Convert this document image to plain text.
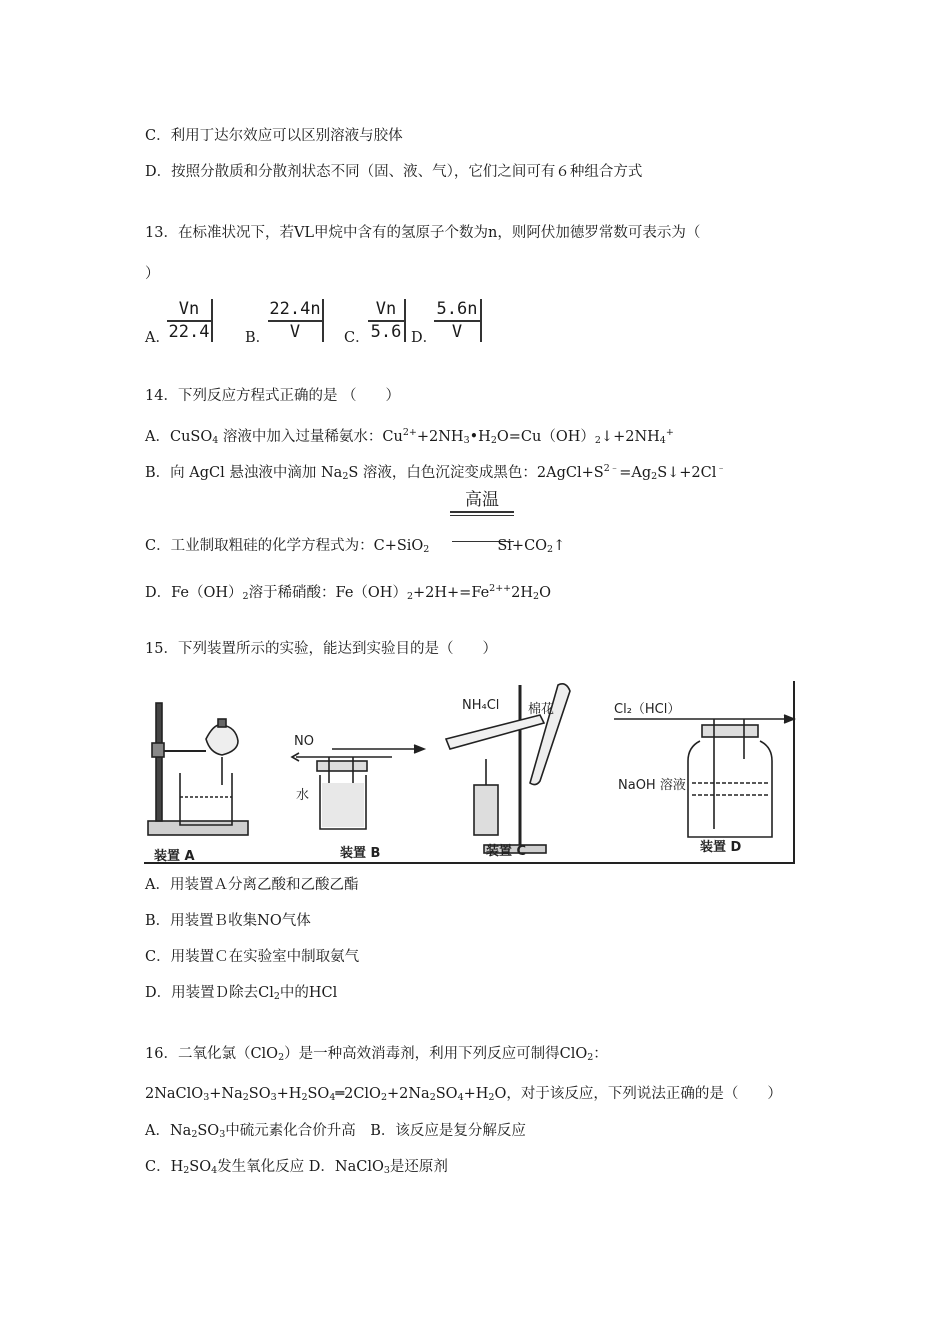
C．利用丁达尔效应可以区别溶液与胶体
D．按照分散质和分散剂状态不同（固、液、气），它们之间可有６种组合方式
13．在标准状况下，若VL甲烷中含有的氢原子个数为n，则阿伏加德罗常数可表示为（
）
A．
$\frac{Vn}{22.4}$ B．
$\frac{22.4n}{V}$ C．
$\frac{Vn}{5.6}$ D．
$\frac{5.6n}{V}$
14．下列反应方程式正确的是 （　　）
A．CuSO$_4$ 溶液中加入过量稀氨水：$Cu^{2+}+2NH_3•H_2O=Cu(OH)_2↓+2NH_4^+$
B．向 AgCl 悬浊液中滴加 $Na_2S$ 溶液，白色沉淀变成黑色：$2AgCl+S^{2﹣}=Ag_2S↓+2Cl^﹣$
高温
C．工业制取粗硅的化学方程式为：C+SiO$_2$	$Si+CO_2↑$
D．$Fe(OH)_2$溶于稀硝酸：$Fe(OH)_2+2H+=Fe^{2++}2H_2O$
15．下列装置所示的实验，能达到实验目的是（　　）
装置 A	装置 B	装置 C	装置 D
NO
水
NH₄Cl 棉花	Cl₂（HCl）
NaOH 溶液
A．用装置Ａ分离乙酸和乙酸乙酯
B．用装置Ｂ收集NO气体
C．用装置Ｃ在实验室中制取氨气
D．用装置Ｄ除去$Cl_2$中的HCl
16．二氧化氯（ClO$_2$）是一种高效消毒剂，利用下列反应可制得ClO$_2$：
$2NaClO_3+Na_2SO_3+H_2SO_4═2ClO_2+2Na_2SO_4+H_2O$，对于该反应，下列说法正确的是（　　）
A．$Na_2SO_3$中硫元素化合价升高　B．该反应是复分解反应
C．$H_2SO_4$发生氧化反应 D．NaClO$_3$是还原剂
